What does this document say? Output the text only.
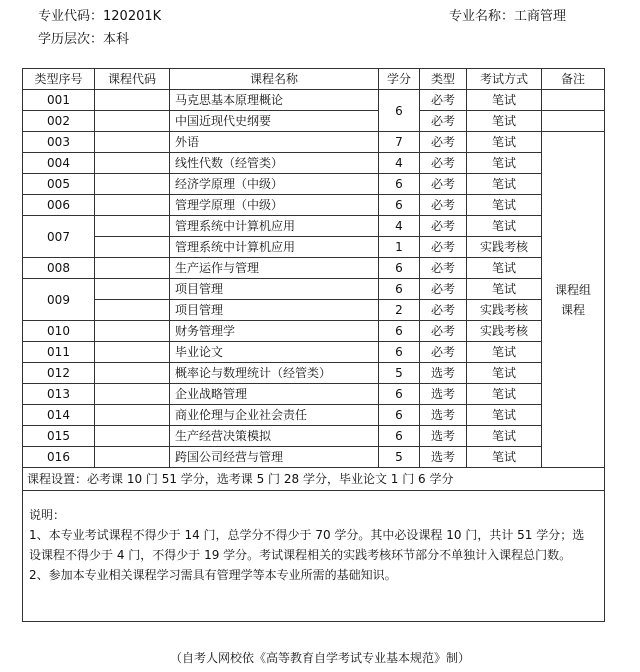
专业代码：120201K
学历层次：本科
专业名称：工商管理
类型序号	课程代码	课程名称	学分	类型	考试方式	备注
001		马克思基本原理概论	6	必考	笔试	
002		中国近现代史纲要		必考	笔试	
003		外语	7	必考	笔试	课程组
课程

004		线性代数（经管类）	4	必考	笔试	
005		经济学原理（中级）	6	必考	笔试	
006		管理学原理（中级）	6	必考	笔试	
007		管理系统中计算机应用	4	必考	笔试	
		管理系统中计算机应用	1	必考	实践考核	
008		生产运作与管理	6	必考	笔试	
009		项目管理	6	必考	笔试	
		项目管理	2	必考	实践考核	
010		财务管理学	6	必考	实践考核	
011		毕业论文	6	必考	笔试	
012		概率论与数理统计（经管类）	5	选考	笔试	
013		企业战略管理	6	选考	笔试	
014		商业伦理与企业社会责任	6	选考	笔试	
015		生产经营决策模拟	6	选考	笔试	
016		跨国公司经营与管理	5	选考	笔试	
课程设置：必考课 10 门 51 学分，选考课 5 门 28 学分，毕业论文 1 门 6 学分						

说明：

1、本专业考试课程不得少于 14 门，总学分不得少于 70 学分。其中必设课程 10 门，共计 51 学分；选设课程不得少于 4 门，不得少于 19 学分。考试课程相关的实践考核环节部分不单独计入课程总门数。

2、参加本专业相关课程学习需具有管理学等本专业所需的基础知识。						

（自考人网校依《高等教育自学考试专业基本规范》制）
